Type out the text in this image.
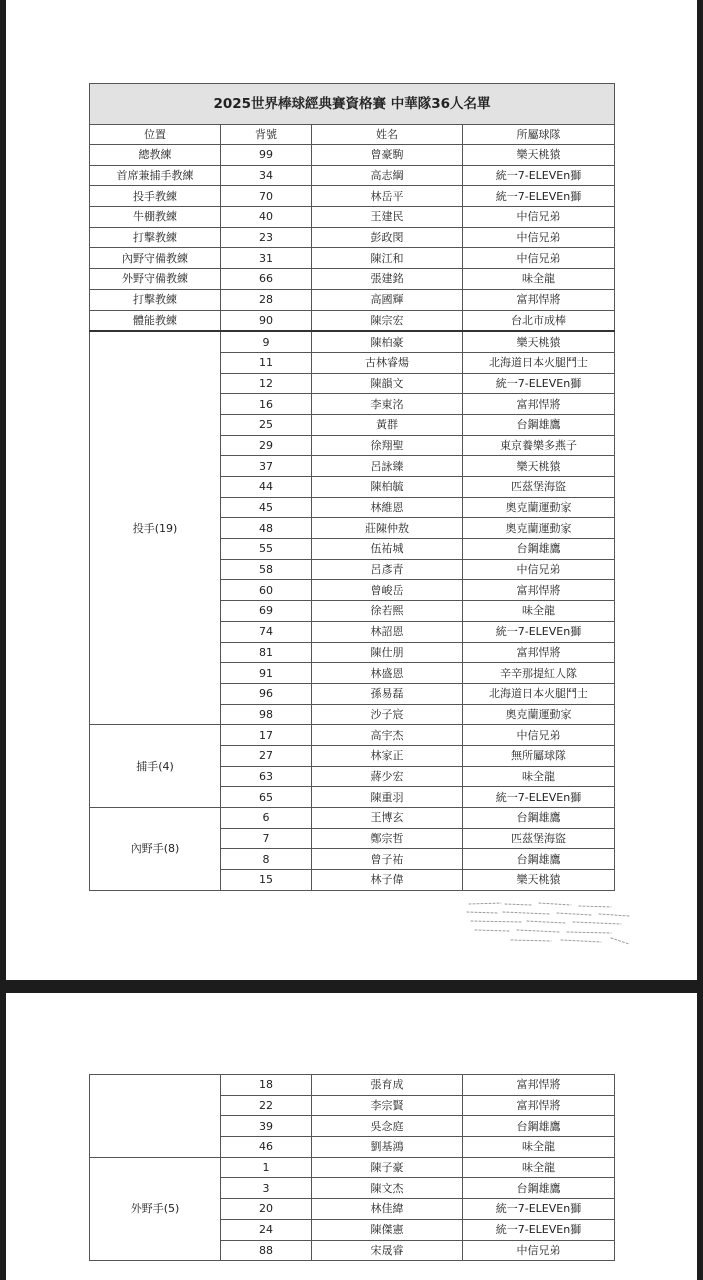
2025世界棒球經典賽資格賽 中華隊36人名單			
位置	背號	姓名	所屬球隊
總教練	99	曾豪駒	樂天桃猿
首席兼捕手教練	34	高志綱	統一7-ELEVEn獅
投手教練	70	林岳平	統一7-ELEVEn獅
牛棚教練	40	王建民	中信兄弟
打擊教練	23	彭政閔	中信兄弟
內野守備教練	31	陳江和	中信兄弟
外野守備教練	66	張建銘	味全龍
打擊教練	28	高國輝	富邦悍將
體能教練	90	陳宗宏	台北市成棒
投手(19)	9	陳柏豪	樂天桃猿
	11	古林睿煬	北海道日本火腿鬥士
	12	陳韻文	統一7-ELEVEn獅
	16	李東洺	富邦悍將
	25	黃群	台鋼雄鷹
	29	徐翔聖	東京養樂多燕子
	37	呂詠臻	樂天桃猿
	44	陳柏毓	匹茲堡海盜
	45	林維恩	奧克蘭運動家
	48	莊陳仲敖	奧克蘭運動家
	55	伍祐城	台鋼雄鷹
	58	呂彥青	中信兄弟
	60	曾峻岳	富邦悍將
	69	徐若熙	味全龍
	74	林詔恩	統一7-ELEVEn獅
	81	陳仕朋	富邦悍將
	91	林盛恩	辛辛那提紅人隊
	96	孫易磊	北海道日本火腿鬥士
	98	沙子宸	奧克蘭運動家
捕手(4)	17	高宇杰	中信兄弟
	27	林家正	無所屬球隊
	63	蔣少宏	味全龍
	65	陳重羽	統一7-ELEVEn獅
內野手(8)	6	王博玄	台鋼雄鷹
	7	鄭宗哲	匹茲堡海盜
	8	曾子祐	台鋼雄鷹
	15	林子偉	樂天桃猿
	18	張育成	富邦悍將
	22	李宗賢	富邦悍將
	39	吳念庭	台鋼雄鷹
	46	劉基鴻	味全龍
外野手(5)	1	陳子豪	味全龍
	3	陳文杰	台鋼雄鷹
	20	林佳緯	統一7-ELEVEn獅
	24	陳傑憲	統一7-ELEVEn獅
	88	宋晟睿	中信兄弟
